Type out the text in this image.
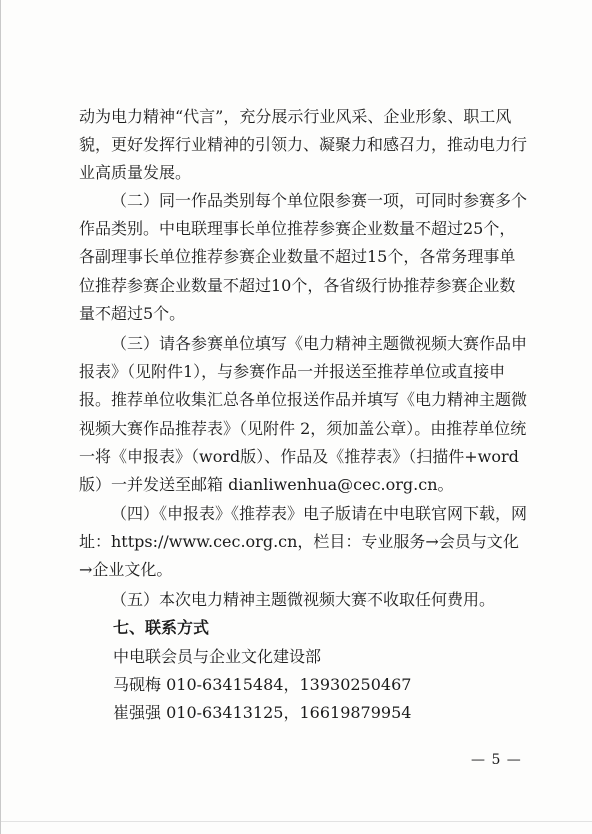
动为电力精神“代言”，充分展示行业风采、企业形象、职工风貌，更好发挥行业精神的引领力、凝聚力和感召力，推动电力行业高质量发展。

（二）同一作品类别每个单位限参赛一项，可同时参赛多个作品类别。中电联理事长单位推荐参赛企业数量不超过25个，各副理事长单位推荐参赛企业数量不超过15个，各常务理事单位推荐参赛企业数量不超过10个，各省级行协推荐参赛企业数量不超过5个。

（三）请各参赛单位填写《电力精神主题微视频大赛作品申报表》（见附件1），与参赛作品一并报送至推荐单位或直接申报。推荐单位收集汇总各单位报送作品并填写《电力精神主题微视频大赛作品推荐表》（见附件 2，须加盖公章）。由推荐单位统一将《申报表》（word版）、作品及《推荐表》（扫描件+word版）一并发送至邮箱 dianliwenhua@cec.org.cn。

（四）《申报表》《推荐表》电子版请在中电联官网下载，网址：https://www.cec.org.cn，栏目：专业服务→会员与文化→企业文化。

（五）本次电力精神主题微视频大赛不收取任何费用。

七、联系方式
中电联会员与企业文化建设部
马砚梅 010-63415484，13930250467
崔强强 010-63413125，16619879954
— 5 —
